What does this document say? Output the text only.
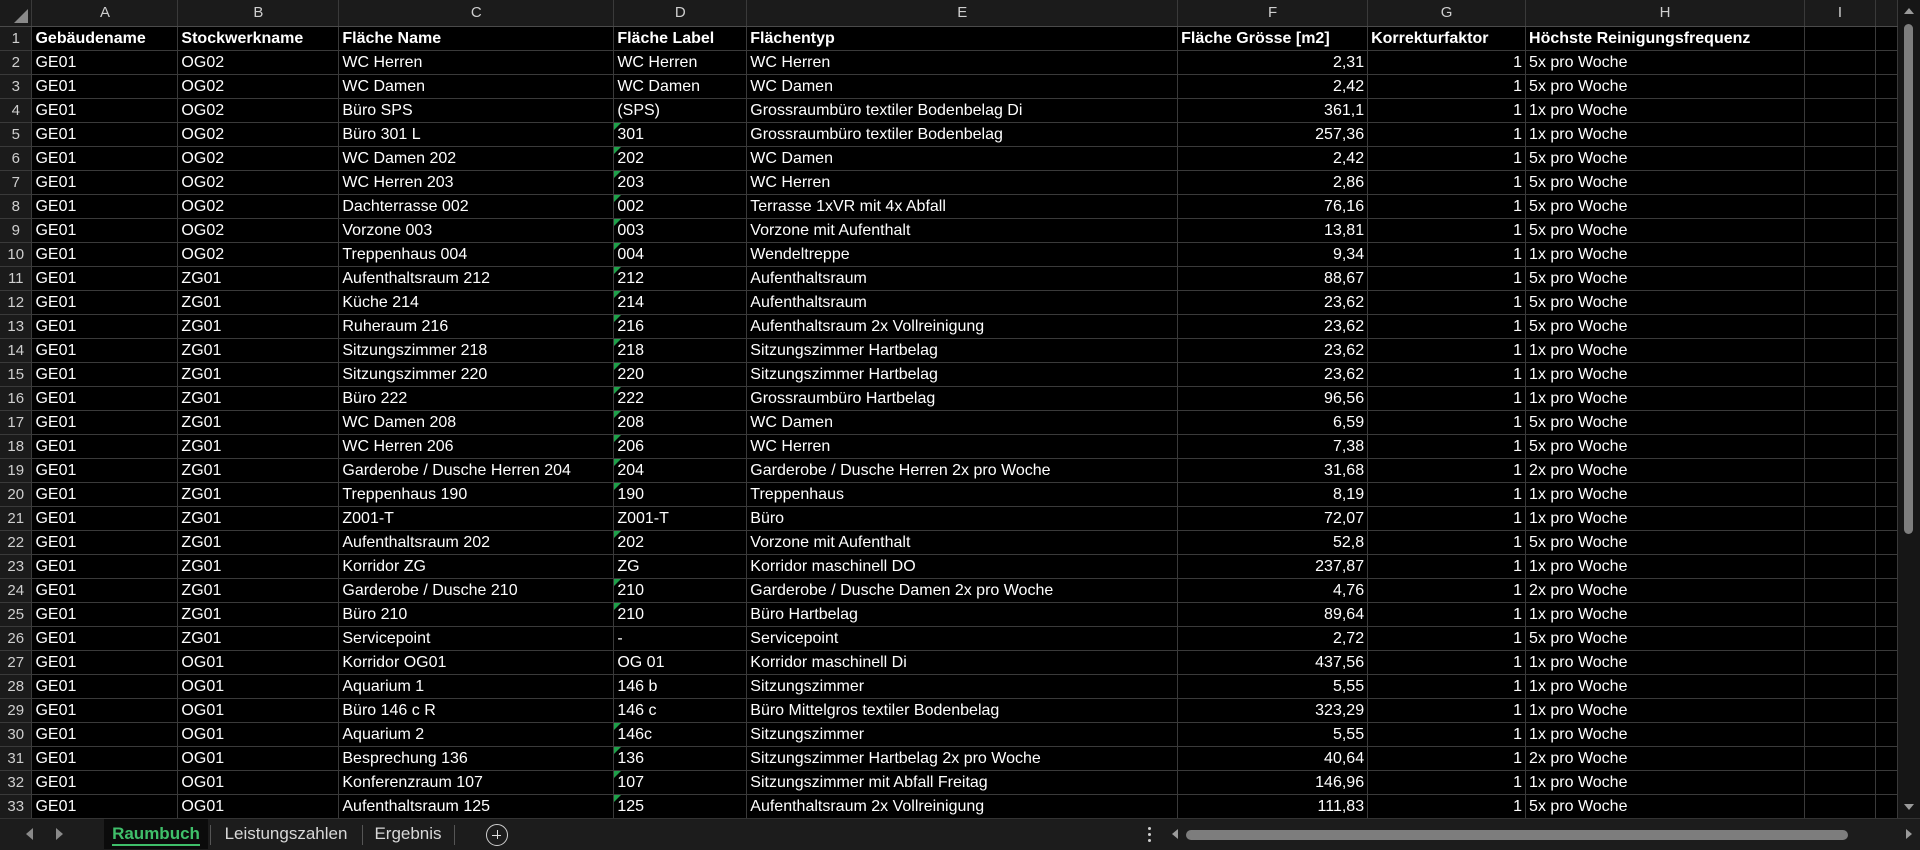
	A	B	C	D	E	F	G	H	I	
1	Gebäudename	Stockwerkname	Fläche Name	Fläche Label	Flächentyp	Fläche Grösse [m2]	Korrekturfaktor	Höchste Reinigungsfrequenz		
2	GE01	OG02	WC Herren	WC Herren	WC Herren	2,31	1	5x pro Woche		
3	GE01	OG02	WC Damen	WC Damen	WC Damen	2,42	1	5x pro Woche		
4	GE01	OG02	Büro SPS	(SPS)	Grossraumbüro textiler Bodenbelag Di	361,1	1	1x pro Woche		
5	GE01	OG02	Büro 301 L	301	Grossraumbüro textiler Bodenbelag	257,36	1	1x pro Woche		
6	GE01	OG02	WC Damen 202	202	WC Damen	2,42	1	5x pro Woche		
7	GE01	OG02	WC Herren 203	203	WC Herren	2,86	1	5x pro Woche		
8	GE01	OG02	Dachterrasse 002	002	Terrasse 1xVR mit 4x Abfall	76,16	1	5x pro Woche		
9	GE01	OG02	Vorzone 003	003	Vorzone mit Aufenthalt	13,81	1	5x pro Woche		
10	GE01	OG02	Treppenhaus 004	004	Wendeltreppe	9,34	1	1x pro Woche		
11	GE01	ZG01	Aufenthaltsraum 212	212	Aufenthaltsraum	88,67	1	5x pro Woche		
12	GE01	ZG01	Küche 214	214	Aufenthaltsraum	23,62	1	5x pro Woche		
13	GE01	ZG01	Ruheraum 216	216	Aufenthaltsraum 2x Vollreinigung	23,62	1	5x pro Woche		
14	GE01	ZG01	Sitzungszimmer 218	218	Sitzungszimmer Hartbelag	23,62	1	1x pro Woche		
15	GE01	ZG01	Sitzungszimmer 220	220	Sitzungszimmer Hartbelag	23,62	1	1x pro Woche		
16	GE01	ZG01	Büro 222	222	Grossraumbüro Hartbelag	96,56	1	1x pro Woche		
17	GE01	ZG01	WC Damen 208	208	WC Damen	6,59	1	5x pro Woche		
18	GE01	ZG01	WC Herren 206	206	WC Herren	7,38	1	5x pro Woche		
19	GE01	ZG01	Garderobe / Dusche Herren 204	204	Garderobe / Dusche Herren 2x pro Woche	31,68	1	2x pro Woche		
20	GE01	ZG01	Treppenhaus 190	190	Treppenhaus	8,19	1	1x pro Woche		
21	GE01	ZG01	Z001-T	Z001-T	Büro	72,07	1	1x pro Woche		
22	GE01	ZG01	Aufenthaltsraum 202	202	Vorzone mit Aufenthalt	52,8	1	5x pro Woche		
23	GE01	ZG01	Korridor ZG	ZG	Korridor maschinell DO	237,87	1	1x pro Woche		
24	GE01	ZG01	Garderobe / Dusche 210	210	Garderobe / Dusche Damen 2x pro Woche	4,76	1	2x pro Woche		
25	GE01	ZG01	Büro 210	210	Büro Hartbelag	89,64	1	1x pro Woche		
26	GE01	ZG01	Servicepoint	-	Servicepoint	2,72	1	5x pro Woche		
27	GE01	OG01	Korridor OG01	OG 01	Korridor maschinell Di	437,56	1	1x pro Woche		
28	GE01	OG01	Aquarium 1	146 b	Sitzungszimmer	5,55	1	1x pro Woche		
29	GE01	OG01	Büro 146 c R	146 c	Büro Mittelgros textiler Bodenbelag	323,29	1	1x pro Woche		
30	GE01	OG01	Aquarium 2	146c	Sitzungszimmer	5,55	1	1x pro Woche		
31	GE01	OG01	Besprechung 136	136	Sitzungszimmer Hartbelag 2x pro Woche	40,64	1	2x pro Woche		
32	GE01	OG01	Konferenzraum 107	107	Sitzungszimmer mit Abfall Freitag	146,96	1	1x pro Woche		
33	GE01	OG01	Aufenthaltsraum 125	125	Aufenthaltsraum 2x Vollreinigung	111,83	1	5x pro Woche		
Raumbuch	Leistungszahlen	Ergebnis
